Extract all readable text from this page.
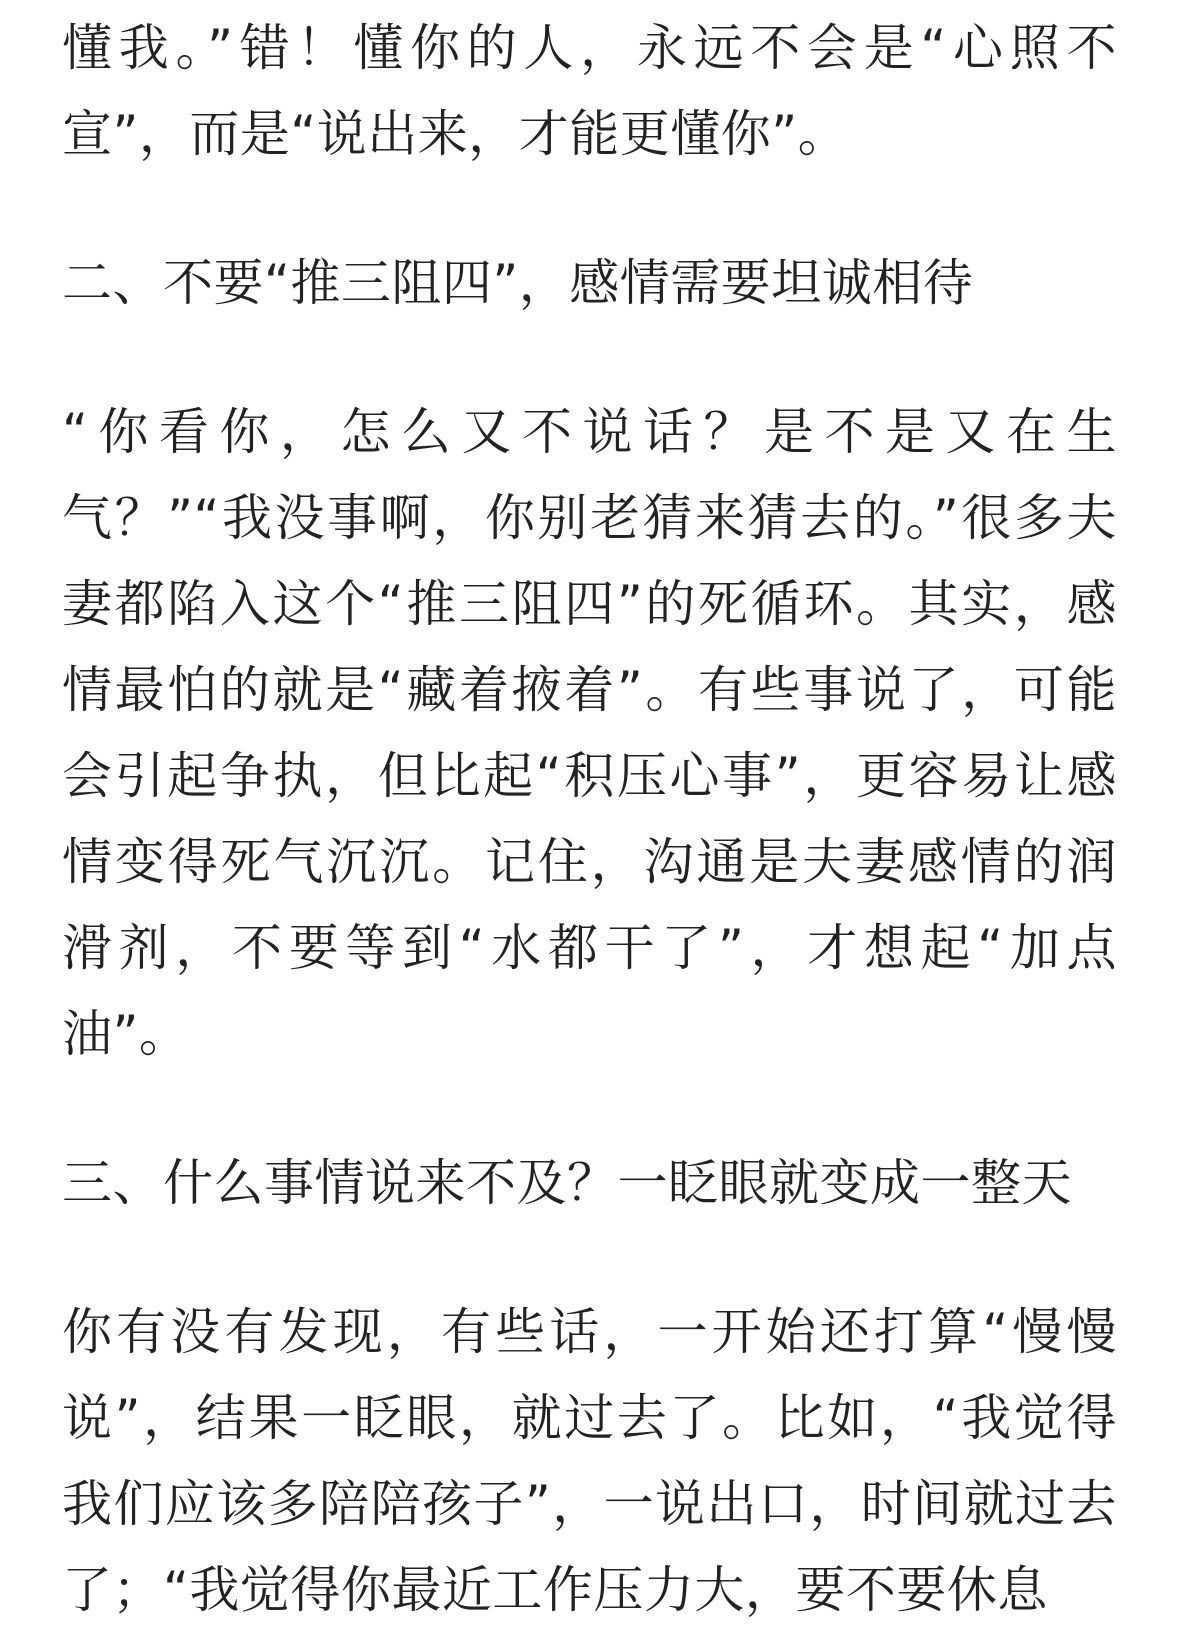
懂我。”错！懂你的人，永远不会是“心照不宣”，而是“说出来，才能更懂你”。

二、不要“推三阻四”，感情需要坦诚相待

“你看你，怎么又不说话？是不是又在生气？”“我没事啊，你别老猜来猜去的。”很多夫妻都陷入这个“推三阻四”的死循环。其实，感情最怕的就是“藏着掖着”。有些事说了，可能会引起争执，但比起“积压心事”，更容易让感情变得死气沉沉。记住，沟通是夫妻感情的润滑剂，不要等到“水都干了”，才想起“加点油”。

三、什么事情说来不及？一眨眼就变成一整天

你有没有发现，有些话，一开始还打算“慢慢说”，结果一眨眼，就过去了。比如，“我觉得我们应该多陪陪孩子”，一说出口，时间就过去了；“我觉得你最近工作压力大，要不要休息
